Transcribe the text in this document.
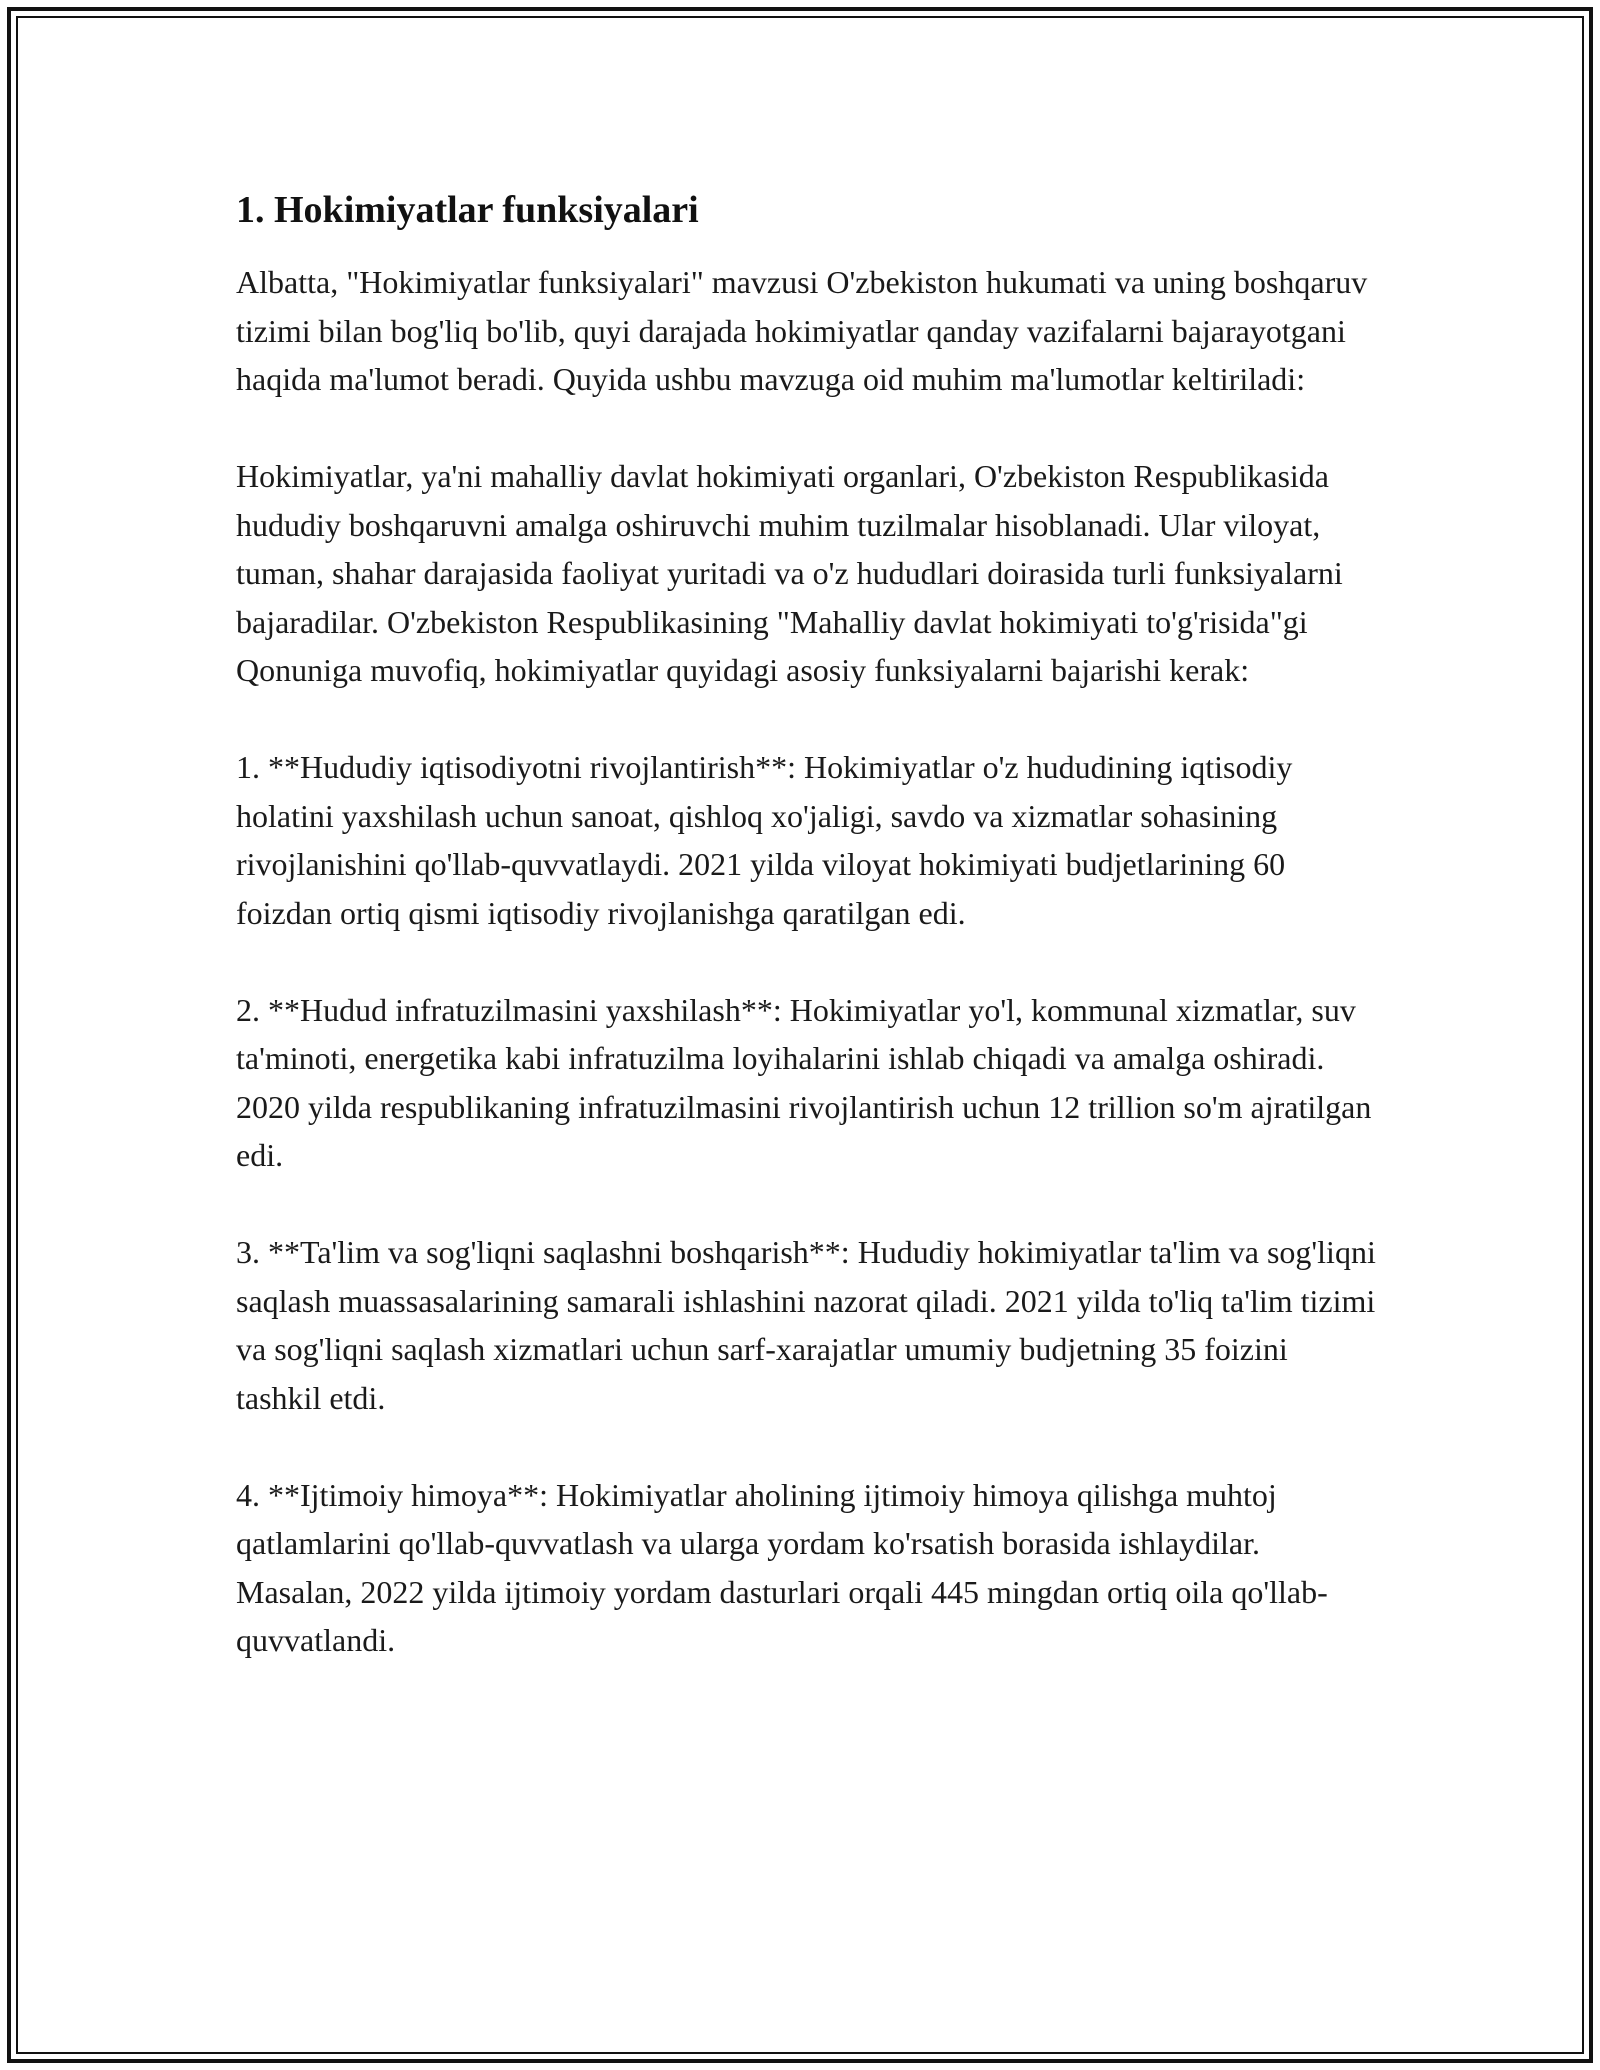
1. Hokimiyatlar funksiyalari

Albatta, "Hokimiyatlar funksiyalari" mavzusi O'zbekiston hukumati va uning boshqaruv tizimi bilan bog'liq bo'lib, quyi darajada hokimiyatlar qanday vazifalarni bajarayotgani haqida ma'lumot beradi. Quyida ushbu mavzuga oid muhim ma'lumotlar keltiriladi:

Hokimiyatlar, ya'ni mahalliy davlat hokimiyati organlari, O'zbekiston Respublikasida hududiy boshqaruvni amalga oshiruvchi muhim tuzilmalar hisoblanadi. Ular viloyat, tuman, shahar darajasida faoliyat yuritadi va o'z hududlari doirasida turli funksiyalarni bajaradilar. O'zbekiston Respublikasining "Mahalliy davlat hokimiyati to'g'risida"gi Qonuniga muvofiq, hokimiyatlar quyidagi asosiy funksiyalarni bajarishi kerak:

1. **Hududiy iqtisodiyotni rivojlantirish**: Hokimiyatlar o'z hududining iqtisodiy holatini yaxshilash uchun sanoat, qishloq xo'jaligi, savdo va xizmatlar sohasining rivojlanishini qo'llab-quvvatlaydi. 2021 yilda viloyat hokimiyati budjetlarining 60 foizdan ortiq qismi iqtisodiy rivojlanishga qaratilgan edi.

2. **Hudud infratuzilmasini yaxshilash**: Hokimiyatlar yo'l, kommunal xizmatlar, suv ta'minoti, energetika kabi infratuzilma loyihalarini ishlab chiqadi va amalga oshiradi. 2020 yilda respublikaning infratuzilmasini rivojlantirish uchun 12 trillion so'm ajratilgan edi.

3. **Ta'lim va sog'liqni saqlashni boshqarish**: Hududiy hokimiyatlar ta'lim va sog'liqni saqlash muassasalarining samarali ishlashini nazorat qiladi. 2021 yilda to'liq ta'lim tizimi va sog'liqni saqlash xizmatlari uchun sarf-xarajatlar umumiy budjetning 35 foizini tashkil etdi.

4. **Ijtimoiy himoya**: Hokimiyatlar aholining ijtimoiy himoya qilishga muhtoj qatlamlarini qo'llab-quvvatlash va ularga yordam ko'rsatish borasida ishlaydilar. Masalan, 2022 yilda ijtimoiy yordam dasturlari orqali 445 mingdan ortiq oila qo'llab-quvvatlandi.
